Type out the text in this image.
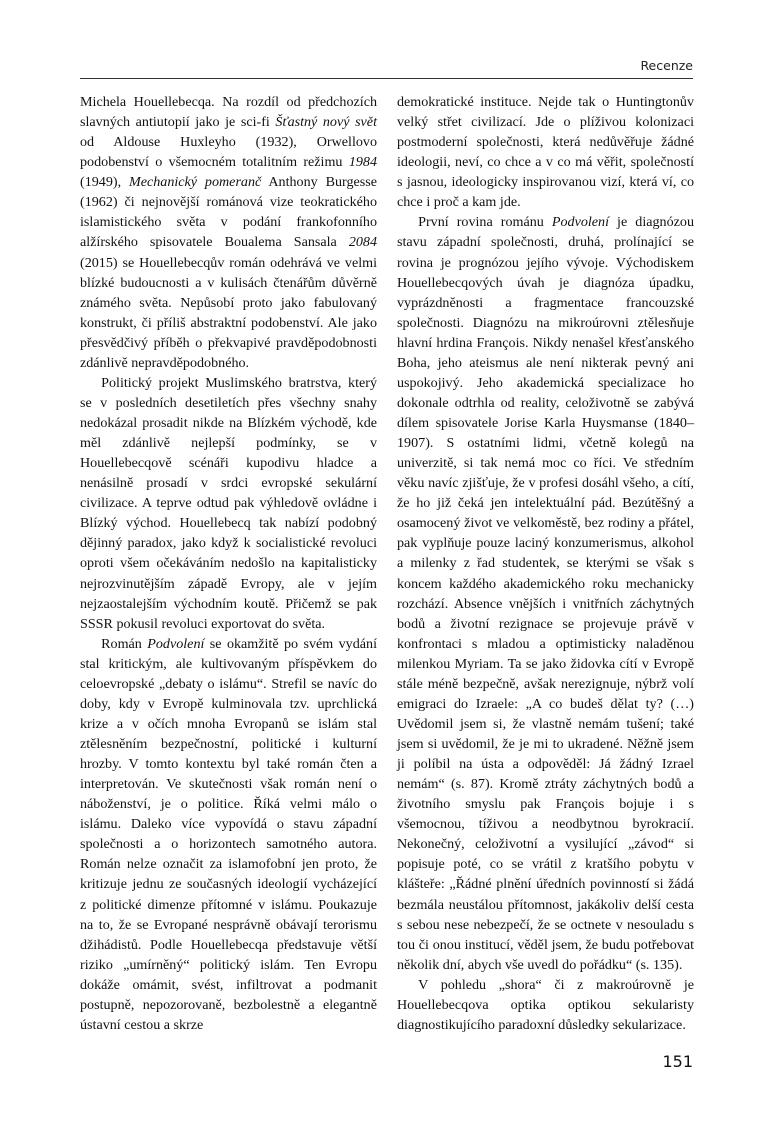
Recenze

Michela Houellebecqa. Na rozdíl od předchozích slavných antiutopií jako je sci-fi Šťastný nový svět od Aldouse Huxleyho (1932), Orwellovo podobenství o všemocném totalitním režimu 1984 (1949), Mechanický pomeranč Anthony Burgesse (1962) či nejnovější románová vize teokratického islamistického světa v podání frankofonního alžírského spisovatele Boualema Sansala 2084 (2015) se Houellebecqův román odehrává ve velmi blízké budoucnosti a v kulisách čtenářům důvěrně známého světa. Nepůsobí proto jako fabulovaný konstrukt, či příliš abstraktní podobenství. Ale jako přesvědčivý příběh o překvapivé pravděpodobnosti zdánlivě nepravděpodobného.

Politický projekt Muslimského bratrstva, který se v posledních desetiletích přes všechny snahy nedokázal prosadit nikde na Blízkém východě, kde měl zdánlivě nejlepší podmínky, se v Houellebecqově scénáři kupodivu hladce a nenásilně prosadí v srdci evropské sekulární civilizace. A teprve odtud pak výhledově ovládne i Blízký východ. Houellebecq tak nabízí podobný dějinný paradox, jako když k socialistické revoluci oproti všem očekáváním nedošlo na kapitalisticky nejrozvinutějším západě Evropy, ale v jejím nejzaostalejším východním koutě. Přičemž se pak SSSR pokusil revoluci exportovat do světa.

Román Podvolení se okamžitě po svém vydání stal kritickým, ale kultivovaným příspěvkem do celoevropské „debaty o islámu“. Strefil se navíc do doby, kdy v Evropě kulminovala tzv. uprchlická krize a v očích mnoha Evropanů se islám stal ztělesněním bezpečnostní, politické i kulturní hrozby. V tomto kontextu byl také román čten a interpretován. Ve skutečnosti však román není o náboženství, je o politice. Říká velmi málo o islámu. Daleko více vypovídá o stavu západní společnosti a o horizontech samotného autora. Román nelze označit za islamofobní jen proto, že kritizuje jednu ze současných ideologií vycházející z politické dimenze přítomné v islámu. Poukazuje na to, že se Evropané nesprávně obávají terorismu džihádistů. Podle Houellebecqa představuje větší riziko „umírněný“ politický islám. Ten Evropu dokáže omámit, svést, infiltrovat a podmanit postupně, nepozorovaně, bezbolestně a elegantně ústavní cestou a skrze

demokratické instituce. Nejde tak o Huntingtonův velký střet civilizací. Jde o plíživou kolonizaci postmoderní společnosti, která nedůvěřuje žádné ideologii, neví, co chce a v co má věřit, společností s jasnou, ideologicky inspirovanou vizí, která ví, co chce i proč a kam jde.

První rovina románu Podvolení je diagnózou stavu západní společnosti, druhá, prolínající se rovina je prognózou jejího vývoje. Východiskem Houellebecqových úvah je diagnóza úpadku, vyprázdněnosti a fragmentace francouzské společnosti. Diagnózu na mikroúrovni ztělesňuje hlavní hrdina François. Nikdy nenašel křesťanského Boha, jeho ateismus ale není nikterak pevný ani uspokojivý. Jeho akademická specializace ho dokonale odtrhla od reality, celoživotně se zabývá dílem spisovatele Jorise Karla Huysmanse (1840–1907). S ostatními lidmi, včetně kolegů na univerzitě, si tak nemá moc co říci. Ve středním věku navíc zjišťuje, že v profesi dosáhl všeho, a cítí, že ho již čeká jen intelektuální pád. Bezútěšný a osamocený život ve velkoměstě, bez rodiny a přátel, pak vyplňuje pouze laciný konzumerismus, alkohol a milenky z řad studentek, se kterými se však s koncem každého akademického roku mechanicky rozchází. Absence vnějších i vnitřních záchytných bodů a životní rezignace se projevuje právě v konfrontaci s mladou a optimisticky naladěnou milenkou Myriam. Ta se jako židovka cítí v Evropě stále méně bezpečně, avšak nerezignuje, nýbrž volí emigraci do Izraele: „A co budeš dělat ty? (…) Uvědomil jsem si, že vlastně nemám tušení; také jsem si uvědomil, že je mi to ukradené. Něžně jsem ji políbil na ústa a odpověděl: Já žádný Izrael nemám“ (s. 87). Kromě ztráty záchytných bodů a životního smyslu pak François bojuje i s všemocnou, tíživou a neodbytnou byrokracií. Nekonečný, celoživotní a vysilující „závod“ si popisuje poté, co se vrátil z kratšího pobytu v klášteře: „Řádné plnění úředních povinností si žádá bezmála neustálou přítomnost, jakákoliv delší cesta s sebou nese nebezpečí, že se octnete v nesouladu s tou či onou institucí, věděl jsem, že budu potřebovat několik dní, abych vše uvedl do pořádku“ (s. 135).

V pohledu „shora“ či z makroúrovně je Houellebecqova optika optikou sekularisty diagnostikujícího paradoxní důsledky sekularizace.

151
